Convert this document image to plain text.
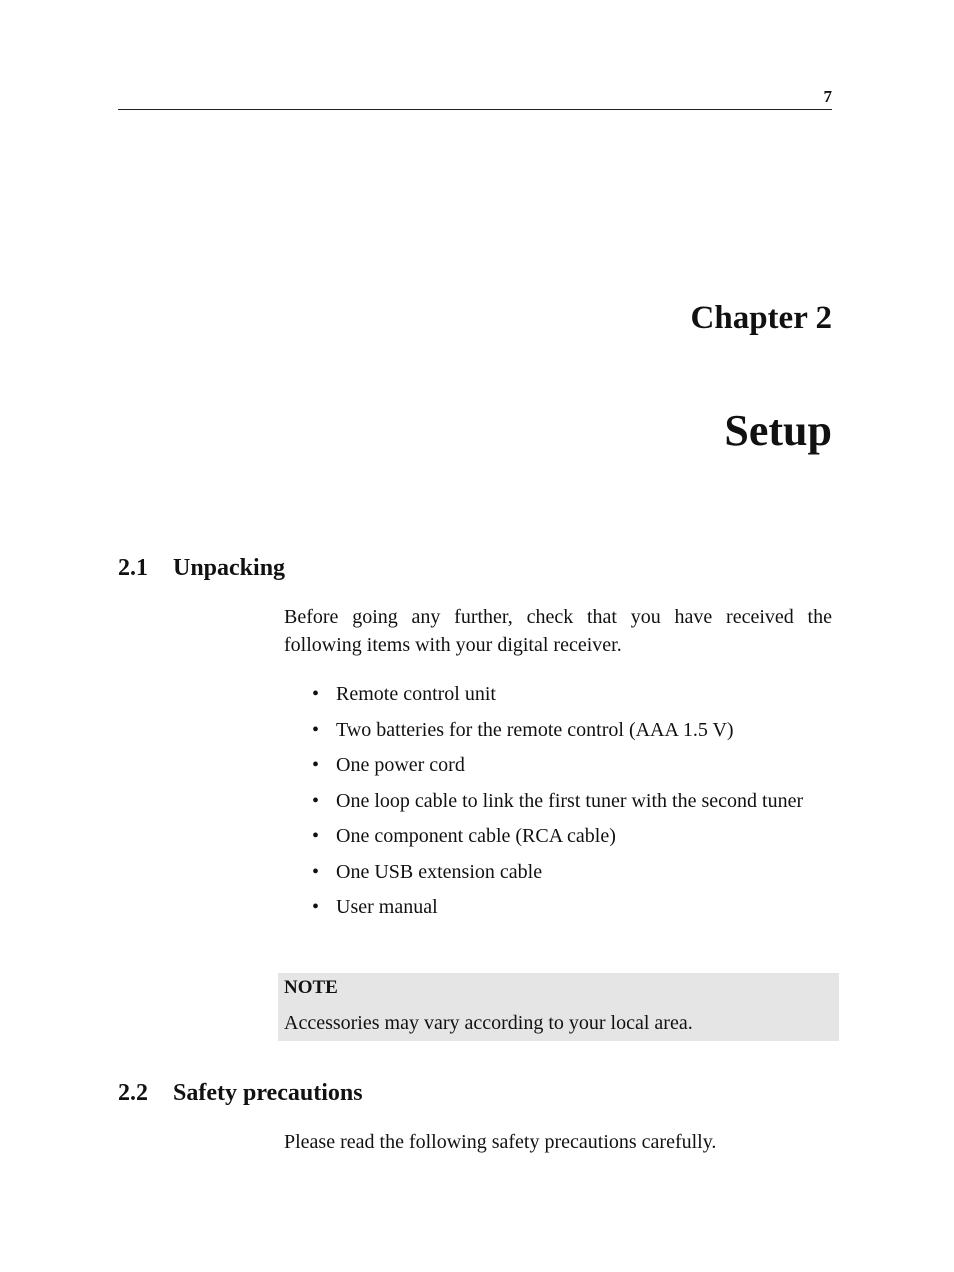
7
Chapter 2
Setup
2.1 Unpacking

Before going any further, check that you have received the following items with your digital receiver.

• Remote control unit
• Two batteries for the remote control (AAA 1.5 V)
• One power cord
• One loop cable to link the first tuner with the second tuner
• One component cable (RCA cable)
• One USB extension cable
• User manual
NOTE
Accessories may vary according to your local area.
2.2 Safety precautions

Please read the following safety precautions carefully.
